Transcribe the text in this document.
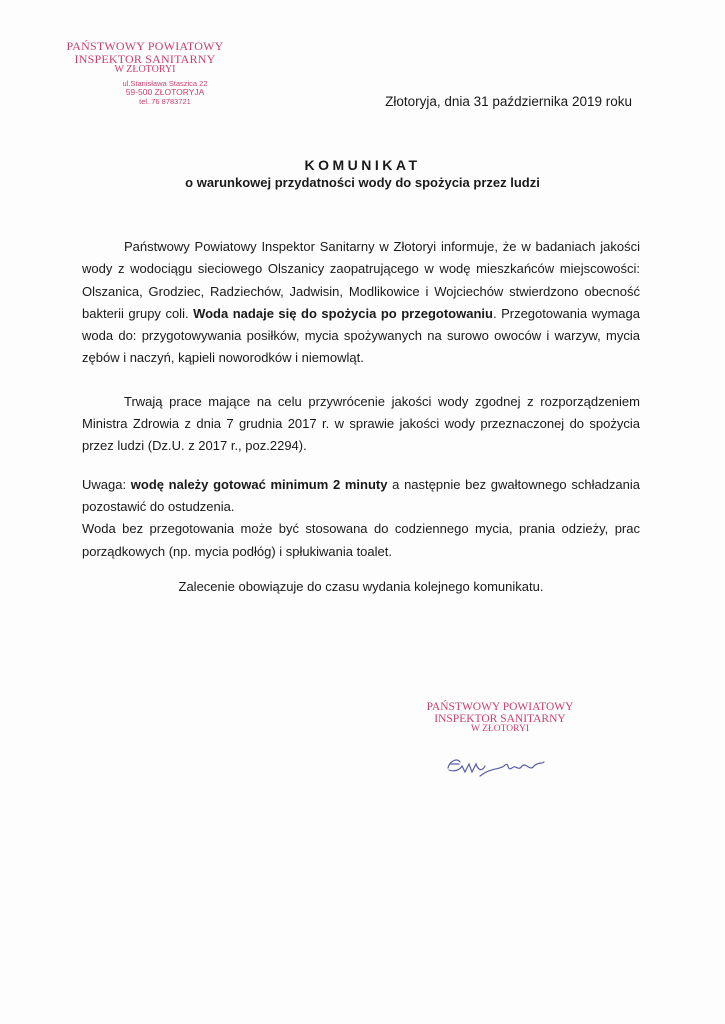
PAŃSTWOWY POWIATOWY
INSPEKTOR SANITARNY
W ZŁOTORYI
ul.Stanisława Staszica 22
59-500 ZŁOTORYJA
tel. 76 8783721	Złotoryja, dnia 31 października 2019 roku
KOMUNIKAT
o warunkowej przydatności wody do spożycia przez ludzi

Państwowy Powiatowy Inspektor Sanitarny w Złotoryi informuje, że w badaniach jakości wody z wodociągu sieciowego Olszanicy zaopatrującego w wodę mieszkańców miejscowości: Olszanica, Grodziec, Radziechów, Jadwisin, Modlikowice i Wojciechów stwierdzono obecność bakterii grupy coli. Woda nadaje się do spożycia po przegotowaniu. Przegotowania wymaga woda do: przygotowywania posiłków, mycia spożywanych na surowo owoców i warzyw, mycia zębów i naczyń, kąpieli noworodków i niemowląt.

Trwają prace mające na celu przywrócenie jakości wody zgodnej z rozporządzeniem Ministra Zdrowia z dnia 7 grudnia 2017 r. w sprawie jakości wody przeznaczonej do spożycia przez ludzi (Dz.U. z 2017 r., poz.2294).

Uwaga: wodę należy gotować minimum 2 minuty a następnie bez gwałtownego schładzania pozostawić do ostudzenia.

Woda bez przegotowania może być stosowana do codziennego mycia, prania odzieży, prac porządkowych (np. mycia podłóg) i spłukiwania toalet.

Zalecenie obowiązuje do czasu wydania kolejnego komunikatu.

PAŃSTWOWY POWIATOWY
INSPEKTOR SANITARNY
W ZŁOTORYI
